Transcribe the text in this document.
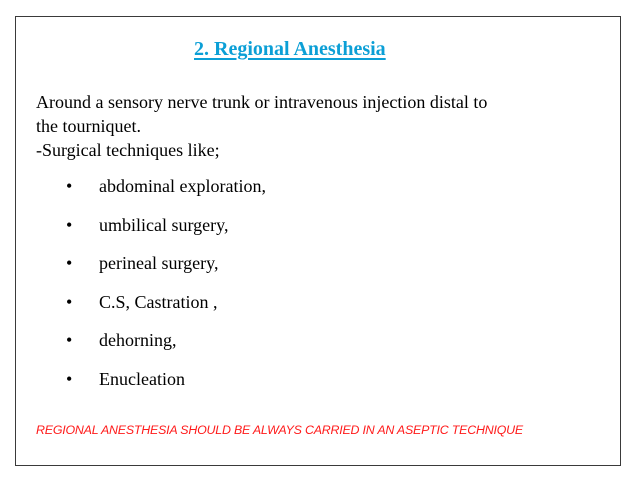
2. Regional Anesthesia

Around a sensory nerve trunk or intravenous injection distal to

the tourniquet.

-Surgical techniques like;

• abdominal exploration,
• umbilical surgery,
• perineal surgery,
• C.S, Castration ,
• dehorning,
• Enucleation

REGIONAL ANESTHESIA SHOULD BE ALWAYS CARRIED IN AN ASEPTIC TECHNIQUE
